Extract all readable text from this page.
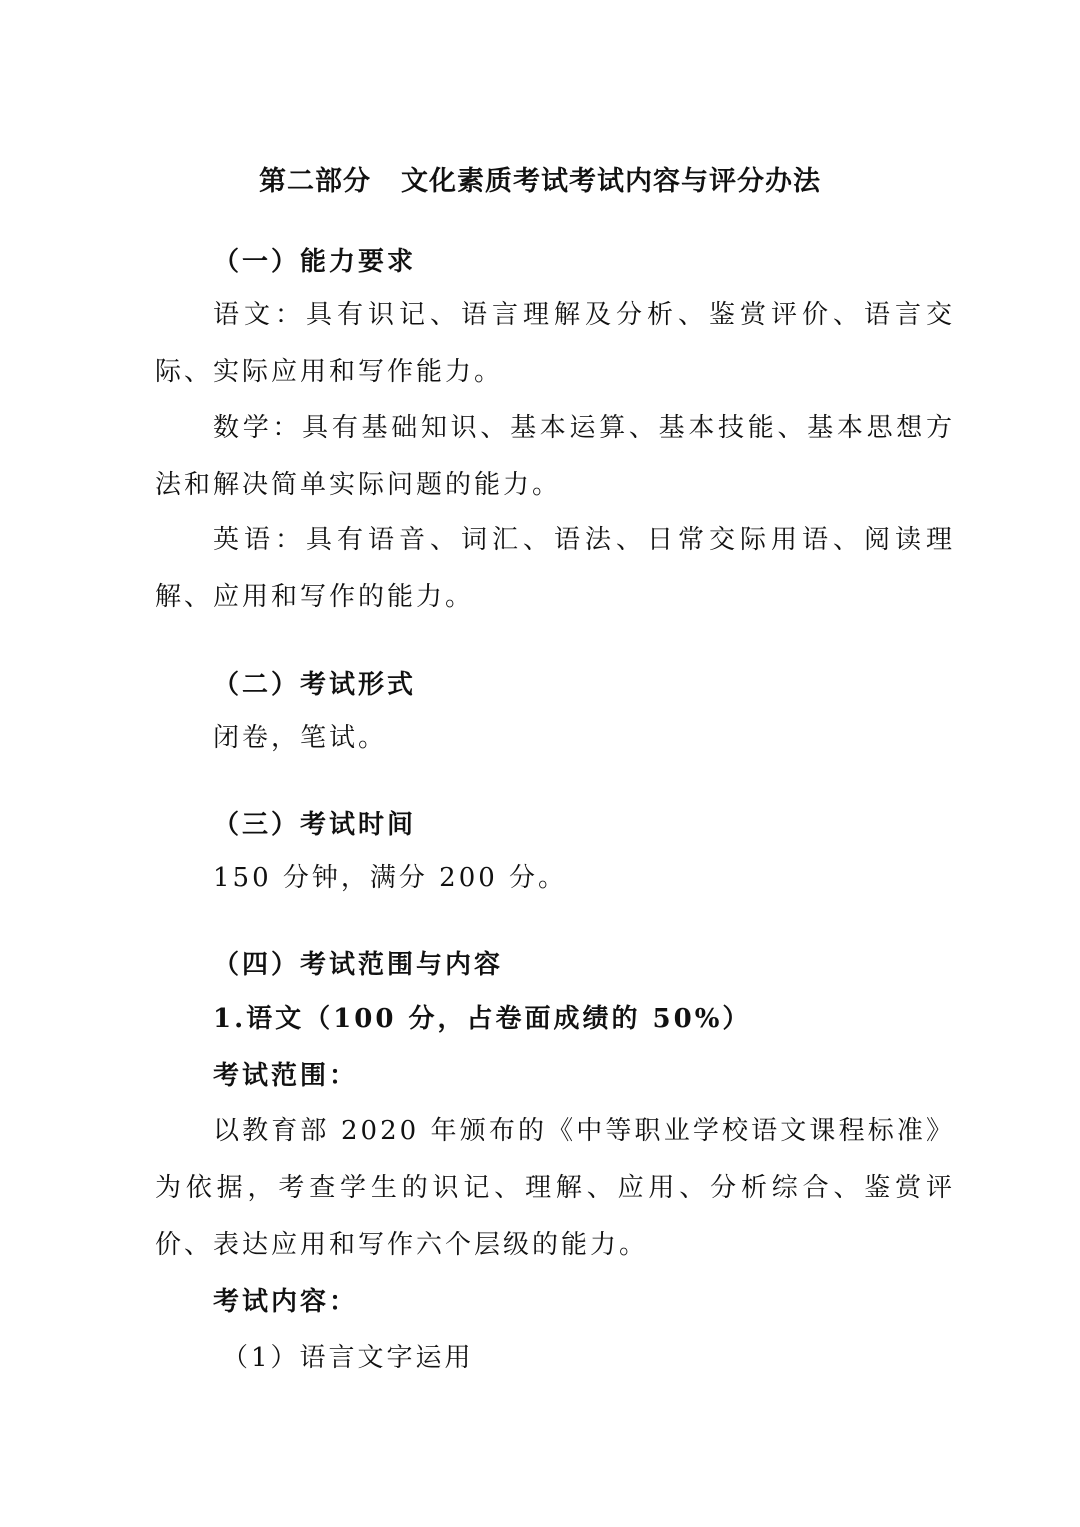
第二部分 文化素质考试考试内容与评分办法
（一）能力要求
语文：具有识记、语言理解及分析、鉴赏评价、语言交际、实际应用和写作能力。
数学：具有基础知识、基本运算、基本技能、基本思想方法和解决简单实际问题的能力。
英语：具有语音、词汇、语法、日常交际用语、阅读理解、应用和写作的能力。
（二）考试形式
闭卷，笔试。
（三）考试时间
150 分钟，满分 200 分。
（四）考试范围与内容
1.语文（100 分，占卷面成绩的 50%）
考试范围：
以教育部 2020 年颁布的《中等职业学校语文课程标准》为依据，考查学生的识记、理解、应用、分析综合、鉴赏评价、表达应用和写作六个层级的能力。
考试内容：
（1）语言文字运用
